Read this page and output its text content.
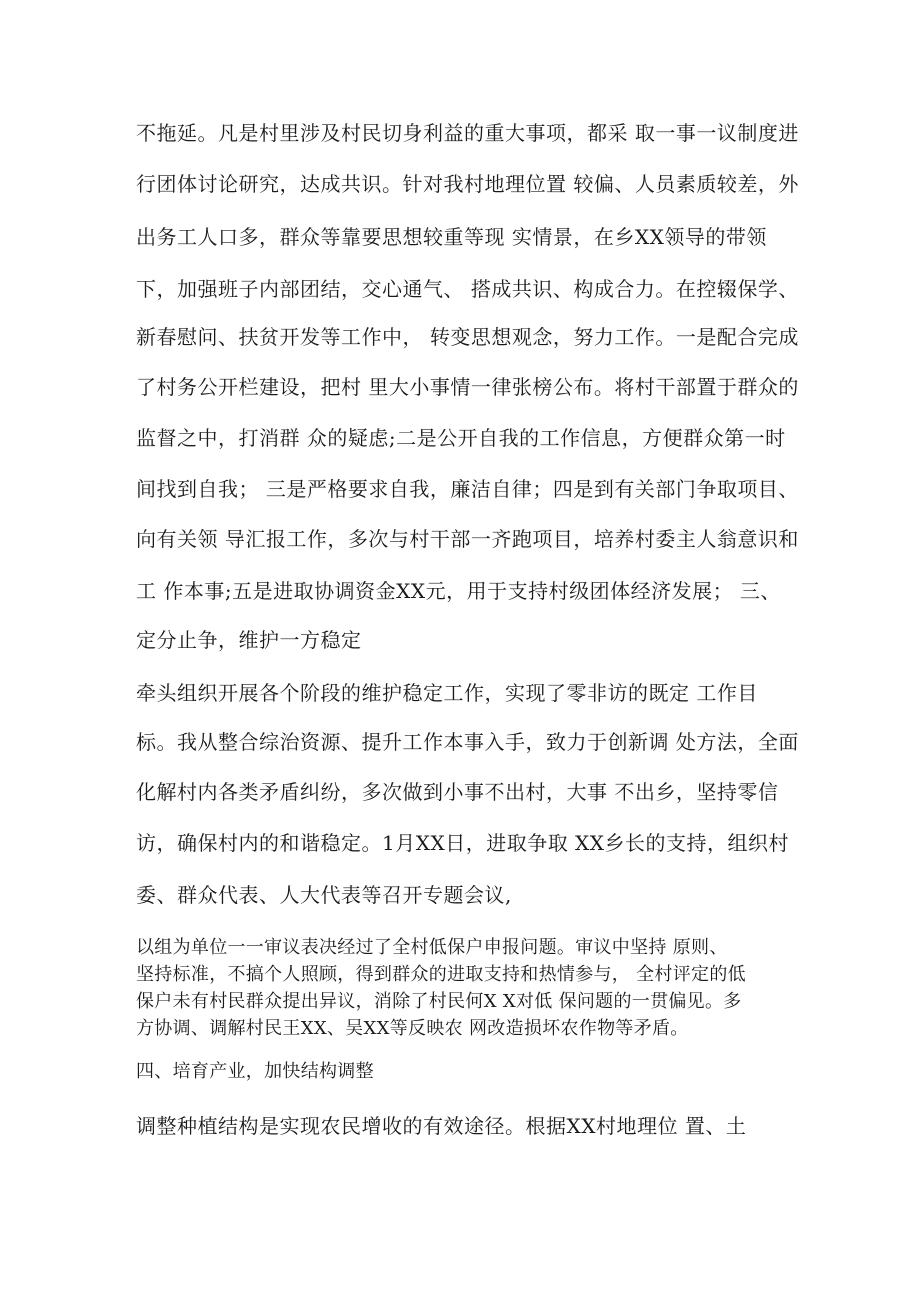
不拖延。凡是村里涉及村民切身利益的重大事项，都采 取一事一议制度进

行团体讨论研究，达成共识。针对我村地理位置 较偏、人员素质较差，外

出务工人口多，群众等靠要思想较重等现 实情景，在乡XX领导的带领

下，加强班子内部团结，交心通气、 搭成共识、构成合力。在控辍保学、

新春慰问、扶贫开发等工作中， 转变思想观念，努力工作。一是配合完成

了村务公开栏建设，把村 里大小事情一律张榜公布。将村干部置于群众的

监督之中，打消群 众的疑虑;二是公开自我的工作信息，方便群众第一时

间找到自我； 三是严格要求自我，廉洁自律；四是到有关部门争取项目、

向有关领 导汇报工作，多次与村干部一齐跑项目，培养村委主人翁意识和

工 作本事;五是进取协调资金XX元，用于支持村级团体经济发展； 三、

定分止争，维护一方稳定

牵头组织开展各个阶段的维护稳定工作，实现了零非访的既定 工作目

标。我从整合综治资源、提升工作本事入手，致力于创新调 处方法，全面

化解村内各类矛盾纠纷，多次做到小事不出村，大事 不出乡，坚持零信

访，确保村内的和谐稳定。1月XX日，进取争取 XX乡长的支持，组织村

委、群众代表、人大代表等召开专题会议,

以组为单位一一审议表决经过了全村低保户申报问题。审议中坚持 原则、

坚持标准，不搞个人照顾，得到群众的进取支持和热情参与， 全村评定的低

保户未有村民群众提出异议，消除了村民何X X对低 保问题的一贯偏见。多

方协调、调解村民王XX、吴XX等反映农 网改造损坏农作物等矛盾。

四、培育产业，加快结构调整

调整种植结构是实现农民增收的有效途径。根据XX村地理位 置、土
